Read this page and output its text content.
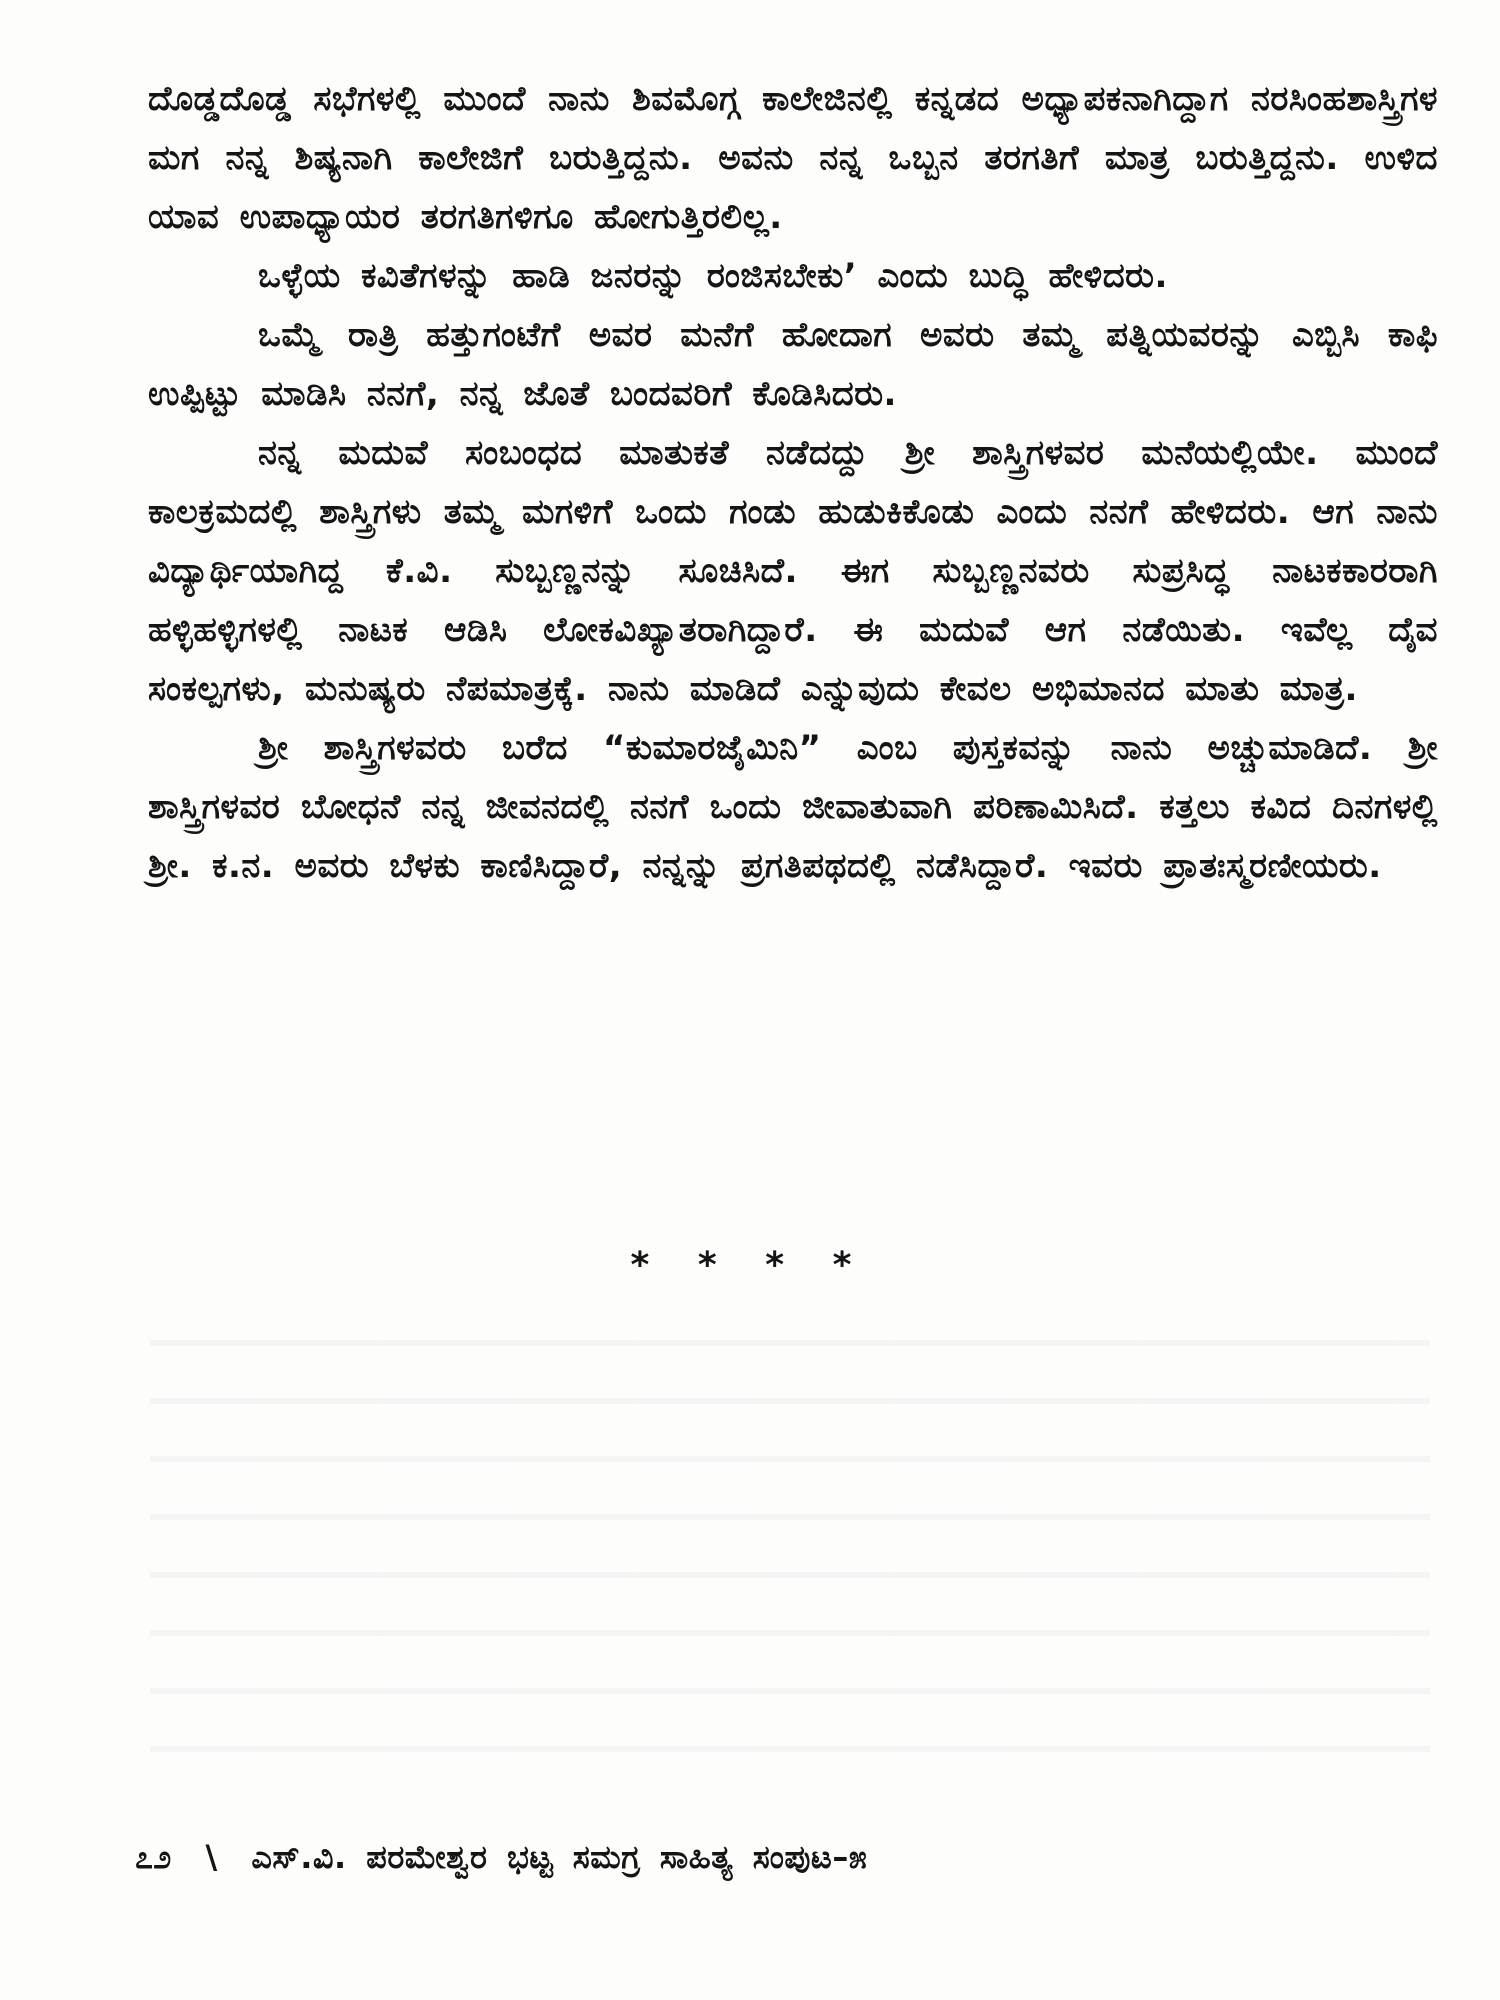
ದೊಡ್ಡದೊಡ್ಡ ಸಭೆಗಳಲ್ಲಿ ಮುಂದೆ ನಾನು ಶಿವಮೊಗ್ಗ ಕಾಲೇಜಿನಲ್ಲಿ ಕನ್ನಡದ ಅಧ್ಯಾಪಕನಾಗಿದ್ದಾಗ ನರಸಿಂಹಶಾಸ್ತ್ರಿಗಳ ಮಗ ನನ್ನ ಶಿಷ್ಯನಾಗಿ ಕಾಲೇಜಿಗೆ ಬರುತ್ತಿದ್ದನು. ಅವನು ನನ್ನ ಒಬ್ಬನ ತರಗತಿಗೆ ಮಾತ್ರ ಬರುತ್ತಿದ್ದನು. ಉಳಿದ ಯಾವ ಉಪಾಧ್ಯಾಯರ ತರಗತಿಗಳಿಗೂ ಹೋಗುತ್ತಿರಲಿಲ್ಲ.

ಒಳ್ಳೆಯ ಕವಿತೆಗಳನ್ನು ಹಾಡಿ ಜನರನ್ನು ರಂಜಿಸಬೇಕು’ ಎಂದು ಬುದ್ಧಿ ಹೇಳಿದರು.

ಒಮ್ಮೆ ರಾತ್ರಿ ಹತ್ತುಗಂಟೆಗೆ ಅವರ ಮನೆಗೆ ಹೋದಾಗ ಅವರು ತಮ್ಮ ಪತ್ನಿಯವರನ್ನು ಎಬ್ಬಿಸಿ ಕಾಫಿ ಉಪ್ಪಿಟ್ಟು ಮಾಡಿಸಿ ನನಗೆ, ನನ್ನ ಜೊತೆ ಬಂದವರಿಗೆ ಕೊಡಿಸಿದರು.

ನನ್ನ ಮದುವೆ ಸಂಬಂಧದ ಮಾತುಕತೆ ನಡೆದದ್ದು ಶ್ರೀ ಶಾಸ್ತ್ರಿಗಳವರ ಮನೆಯಲ್ಲಿಯೇ. ಮುಂದೆ ಕಾಲಕ್ರಮದಲ್ಲಿ ಶಾಸ್ತ್ರಿಗಳು ತಮ್ಮ ಮಗಳಿಗೆ ಒಂದು ಗಂಡು ಹುಡುಕಿಕೊಡು ಎಂದು ನನಗೆ ಹೇಳಿದರು. ಆಗ ನಾನು ವಿದ್ಯಾರ್ಥಿಯಾಗಿದ್ದ ಕೆ.ವಿ. ಸುಬ್ಬಣ್ಣನನ್ನು ಸೂಚಿಸಿದೆ. ಈಗ ಸುಬ್ಬಣ್ಣನವರು ಸುಪ್ರಸಿದ್ಧ ನಾಟಕಕಾರರಾಗಿ ಹಳ್ಳಿಹಳ್ಳಿಗಳಲ್ಲಿ ನಾಟಕ ಆಡಿಸಿ ಲೋಕವಿಖ್ಯಾತರಾಗಿದ್ದಾರೆ. ಈ ಮದುವೆ ಆಗ ನಡೆಯಿತು. ಇವೆಲ್ಲ ದೈವ ಸಂಕಲ್ಪಗಳು, ಮನುಷ್ಯರು ನೆಪಮಾತ್ರಕ್ಕೆ. ನಾನು ಮಾಡಿದೆ ಎನ್ನುವುದು ಕೇವಲ ಅಭಿಮಾನದ ಮಾತು ಮಾತ್ರ.

ಶ್ರೀ ಶಾಸ್ತ್ರಿಗಳವರು ಬರೆದ “ಕುಮಾರಜೈಮಿನಿ” ಎಂಬ ಪುಸ್ತಕವನ್ನು ನಾನು ಅಚ್ಚುಮಾಡಿದೆ. ಶ್ರೀ ಶಾಸ್ತ್ರಿಗಳವರ ಬೋಧನೆ ನನ್ನ ಜೀವನದಲ್ಲಿ ನನಗೆ ಒಂದು ಜೀವಾತುವಾಗಿ ಪರಿಣಾಮಿಸಿದೆ. ಕತ್ತಲು ಕವಿದ ದಿನಗಳಲ್ಲಿ ಶ್ರೀ. ಕ.ನ. ಅವರು ಬೆಳಕು ಕಾಣಿಸಿದ್ದಾರೆ, ನನ್ನನ್ನು ಪ್ರಗತಿಪಥದಲ್ಲಿ ನಡೆಸಿದ್ದಾರೆ. ಇವರು ಪ್ರಾತಃಸ್ಮರಣೀಯರು.

* * * *
೭೨ \ ಎಸ್.ವಿ. ಪರಮೇಶ್ವರ ಭಟ್ಟ ಸಮಗ್ರ ಸಾಹಿತ್ಯ ಸಂಪುಟ–೫
